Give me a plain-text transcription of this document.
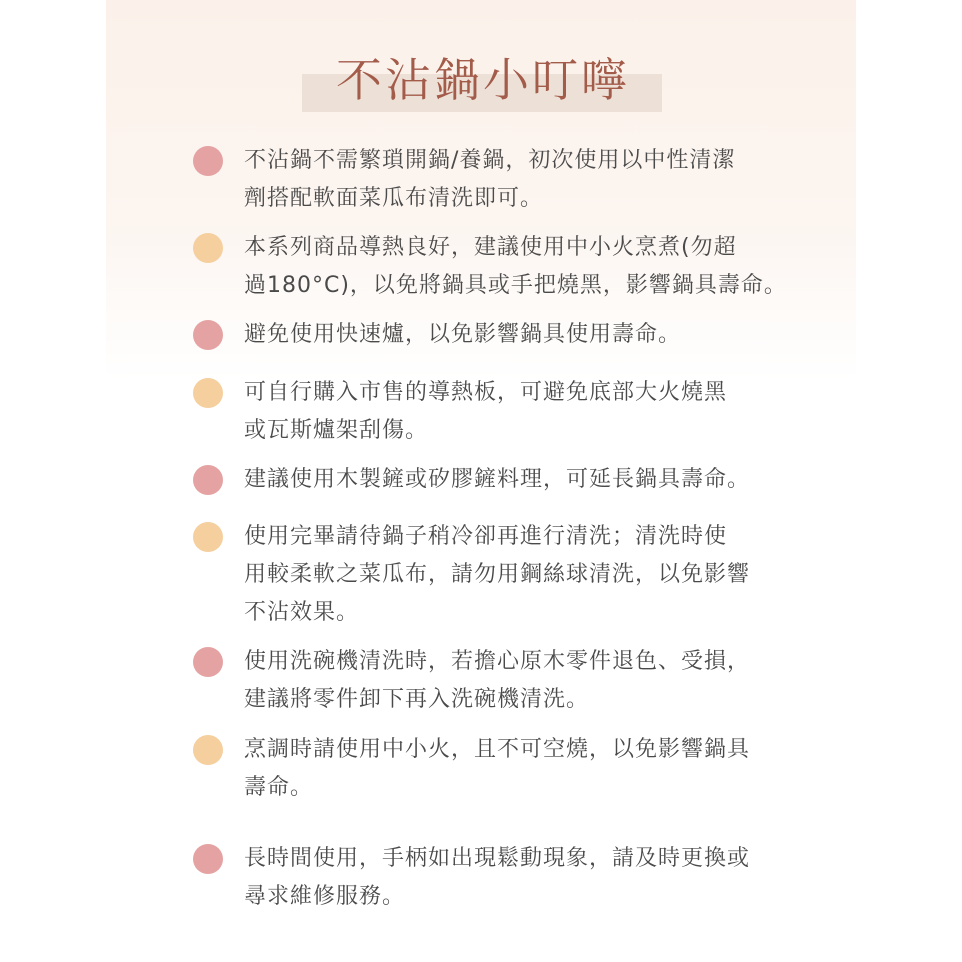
不沾鍋小叮嚀
不沾鍋不需繁瑣開鍋/養鍋，初次使用以中性清潔
劑搭配軟面菜瓜布清洗即可。
本系列商品導熱良好，建議使用中小火烹煮(勿超
過180°C)，以免將鍋具或手把燒黑，影響鍋具壽命。
避免使用快速爐，以免影響鍋具使用壽命。
可自行購入市售的導熱板，可避免底部大火燒黑
或瓦斯爐架刮傷。
建議使用木製鏟或矽膠鏟料理，可延長鍋具壽命。
使用完畢請待鍋子稍冷卻再進行清洗；清洗時使
用較柔軟之菜瓜布，請勿用鋼絲球清洗，以免影響
不沾效果。
使用洗碗機清洗時，若擔心原木零件退色、受損，
建議將零件卸下再入洗碗機清洗。
烹調時請使用中小火，且不可空燒，以免影響鍋具
壽命。
長時間使用，手柄如出現鬆動現象，請及時更換或
尋求維修服務。
